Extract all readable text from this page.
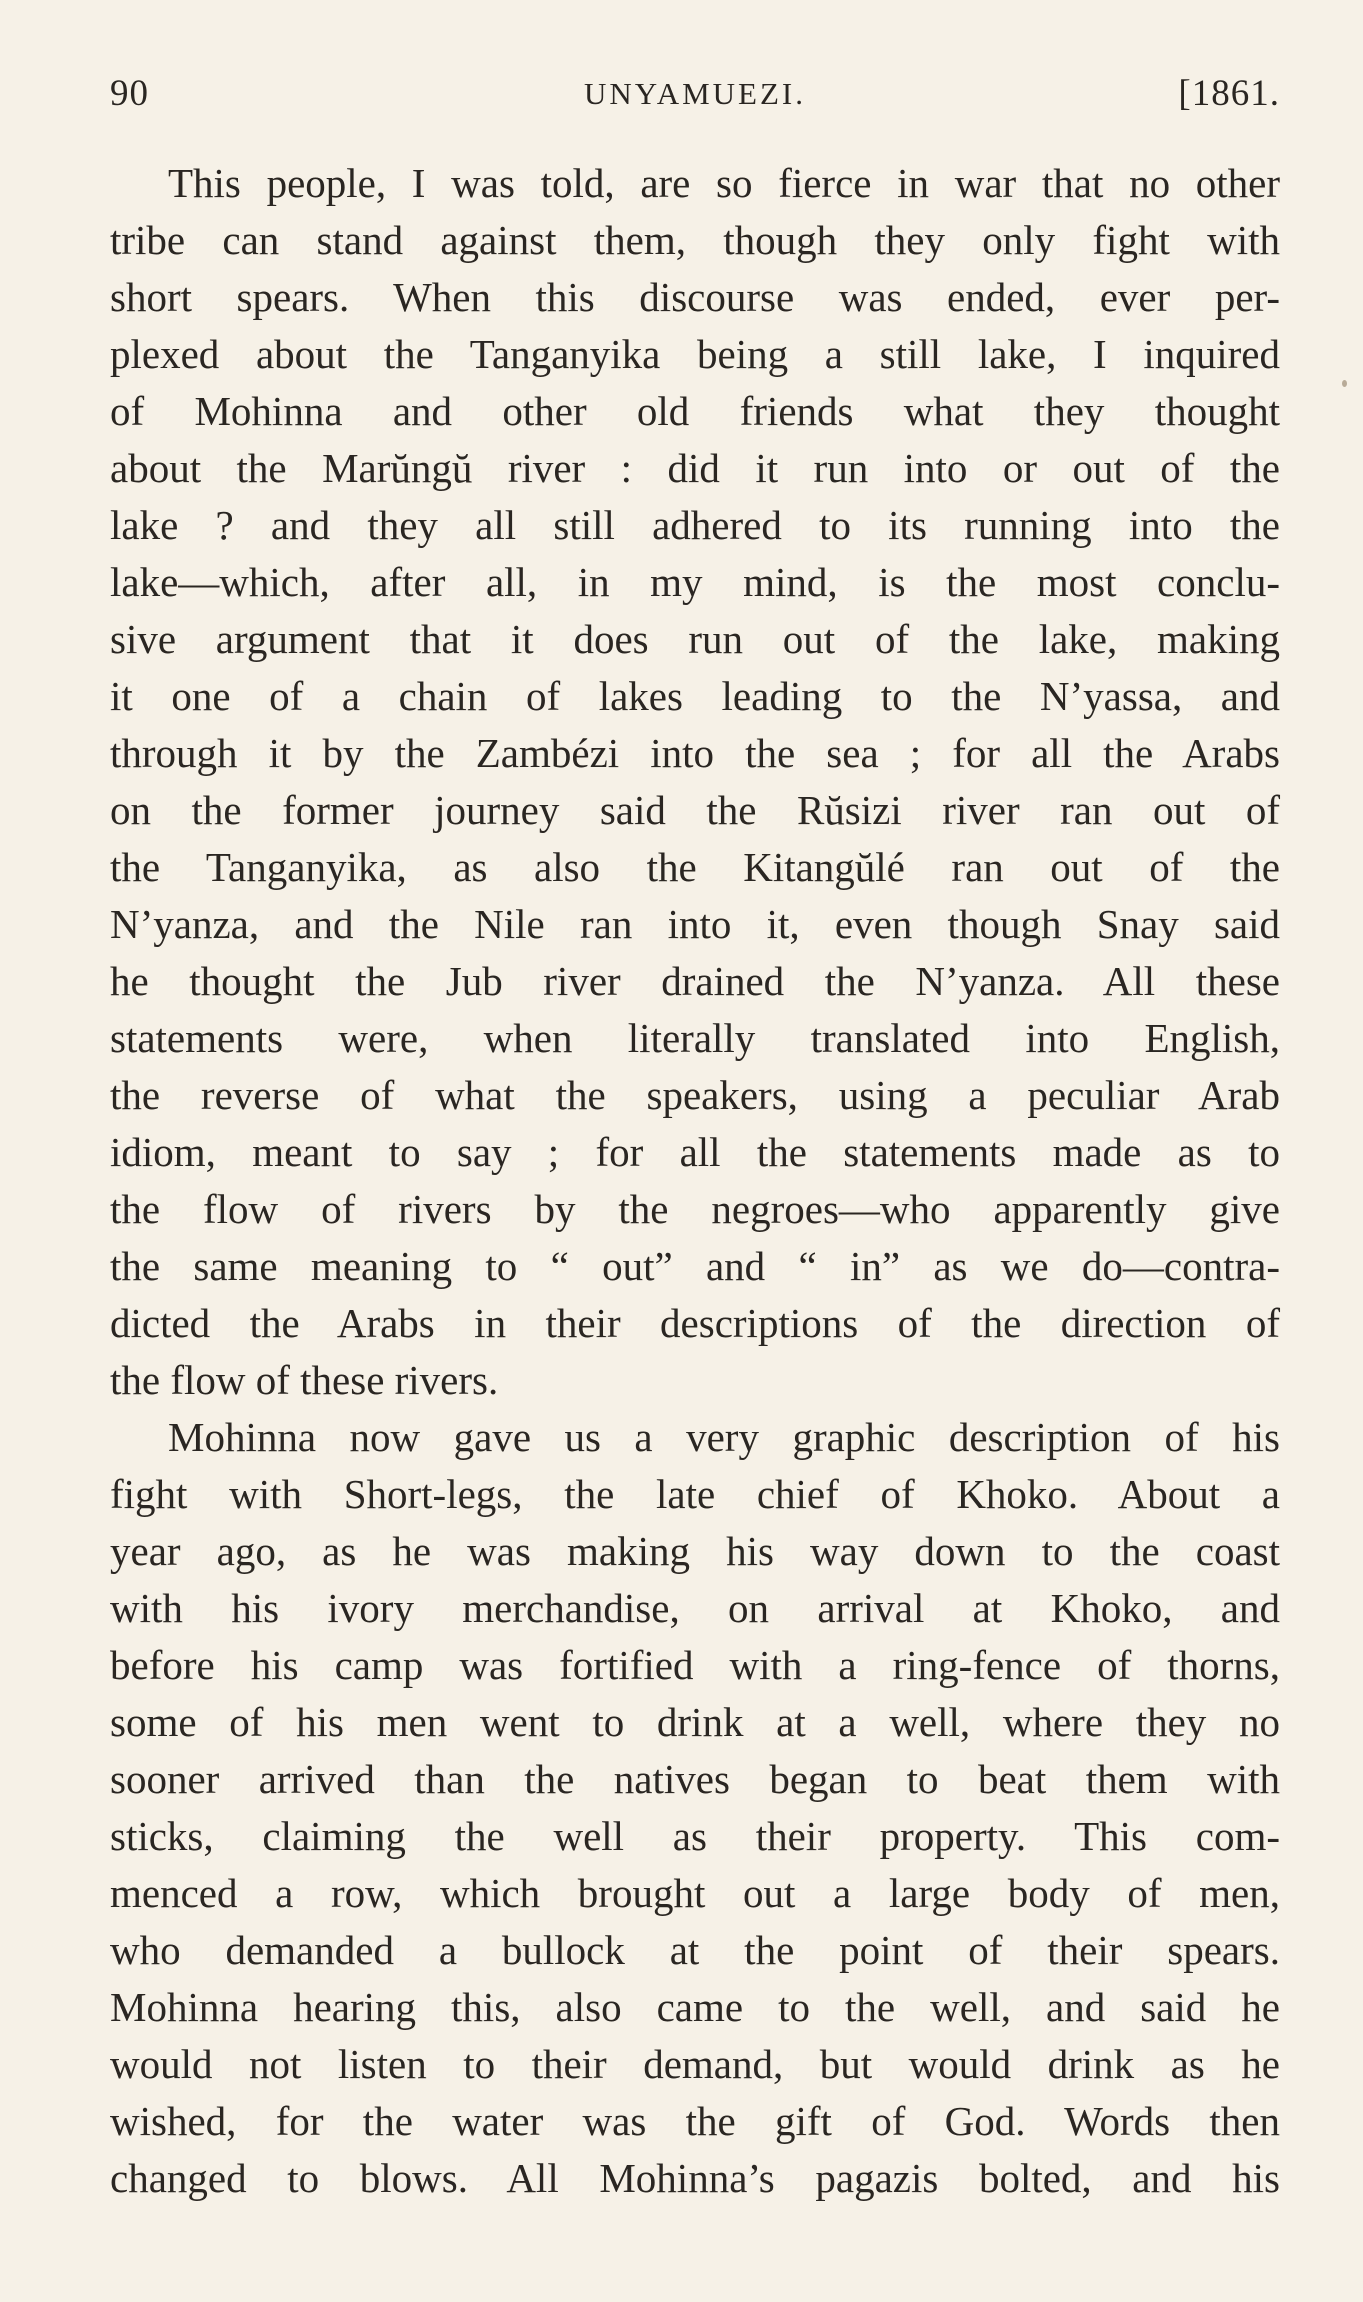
90	UNYAMUEZI.	[1861.
This people, I was told, are so fierce in war that no other
tribe can stand against them, though they only fight with
short spears. When this discourse was ended, ever per-
plexed about the Tanganyika being a still lake, I inquired
of Mohinna and other old friends what they thought
about the Marŭngŭ river : did it run into or out of the
lake ? and they all still adhered to its running into the
lake—which, after all, in my mind, is the most conclu-
sive argument that it does run out of the lake, making
it one of a chain of lakes leading to the N’yassa, and
through it by the Zambézi into the sea ; for all the Arabs
on the former journey said the Rŭsizi river ran out of
the Tanganyika, as also the Kitangŭlé ran out of the
N’yanza, and the Nile ran into it, even though Snay said
he thought the Jub river drained the N’yanza. All these
statements were, when literally translated into English,
the reverse of what the speakers, using a peculiar Arab
idiom, meant to say ; for all the statements made as to
the flow of rivers by the negroes—who apparently give
the same meaning to “ out” and “ in” as we do—contra-
dicted the Arabs in their descriptions of the direction of
the flow of these rivers.
Mohinna now gave us a very graphic description of his
fight with Short-legs, the late chief of Khoko. About a
year ago, as he was making his way down to the coast
with his ivory merchandise, on arrival at Khoko, and
before his camp was fortified with a ring-fence of thorns,
some of his men went to drink at a well, where they no
sooner arrived than the natives began to beat them with
sticks, claiming the well as their property. This com-
menced a row, which brought out a large body of men,
who demanded a bullock at the point of their spears.
Mohinna hearing this, also came to the well, and said he
would not listen to their demand, but would drink as he
wished, for the water was the gift of God. Words then
changed to blows. All Mohinna’s pagazis bolted, and his
